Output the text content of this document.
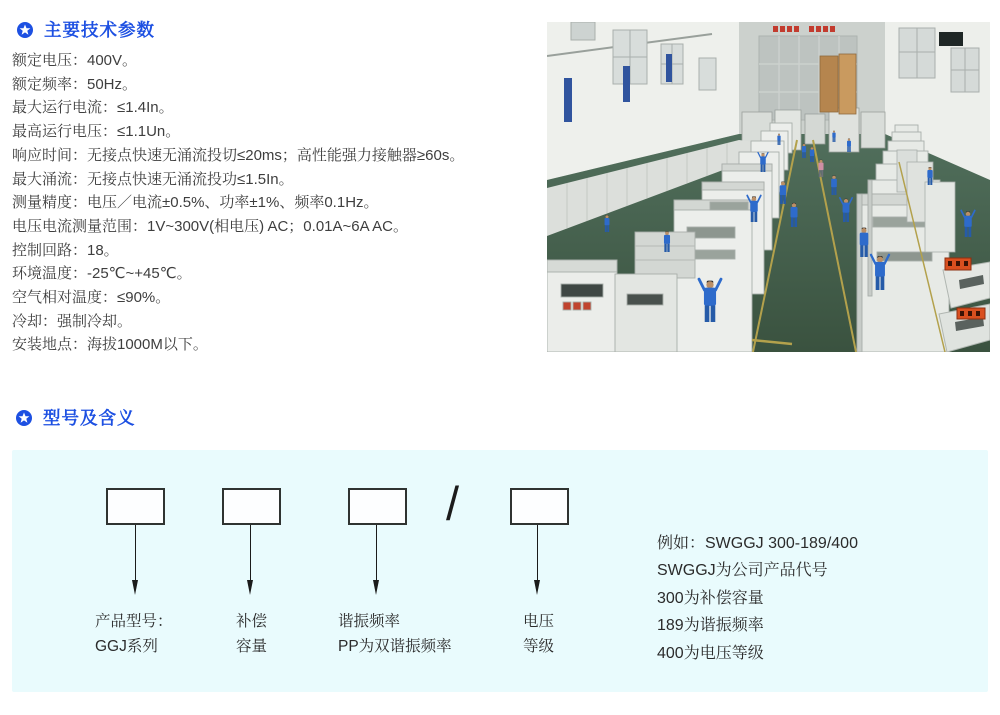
主要技术参数
额定电压：400V。
额定频率：50Hz。
最大运行电流：≤1.4In。
最高运行电压：≤1.1Un。
响应时间：无接点快速无涌流投切≤20ms；高性能强力接触器≥60s。
最大涌流：无接点快速无涌流投功≤1.5In。
测量精度：电压／电流±0.5%、功率±1%、频率0.1Hz。
电压电流测量范围：1V~300V(相电压) AC；0.01A~6A AC。
控制回路：18。
环境温度：-25℃~+45℃。
空气相对温度：≤90%。
冷却：强制冷却。
安装地点：海拔1000M以下。
型号及含义
/
产品型号：
GGJ系列
补偿
容量
谐振频率
PP为双谐振频率
电压
等级
例如：SWGGJ 300-189/400
SWGGJ为公司产品代号
300为补偿容量
189为谐振频率
400为电压等级
